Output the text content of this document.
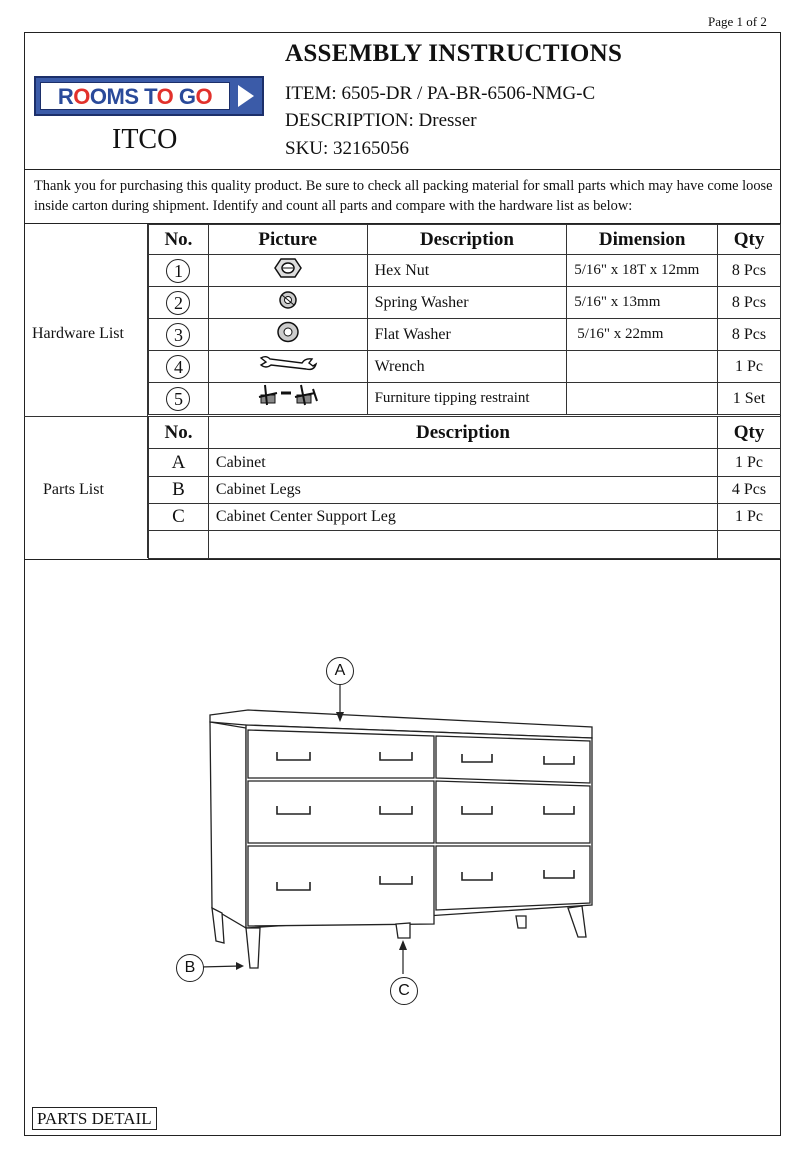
Page 1 of 2
ROOMS TO GO
ITCO
ASSEMBLY INSTRUCTIONS
ITEM: 6505-DR / PA-BR-6506-NMG-C
DESCRIPTION: Dresser
SKU: 32165056
Thank you for purchasing this quality product. Be sure to check all packing material for small parts which may have come loose inside carton during shipment. Identify and count all parts and compare with the hardware list as below:
Hardware List
No.	Picture	Description	Dimension	Qty
1		Hex Nut	5/16" x 18T x 12mm	8 Pcs
2		Spring Washer	5/16" x 13mm	8 Pcs
3		Flat Washer	5/16" x 22mm	8 Pcs
4		Wrench		1 Pc
5		Furniture tipping restraint		1 Set
Parts List
No.	Description	Qty
A	Cabinet	1 Pc
B	Cabinet Legs	4 Pcs
C	Cabinet Center Support Leg	1 Pc

A
B
C
PARTS DETAIL
